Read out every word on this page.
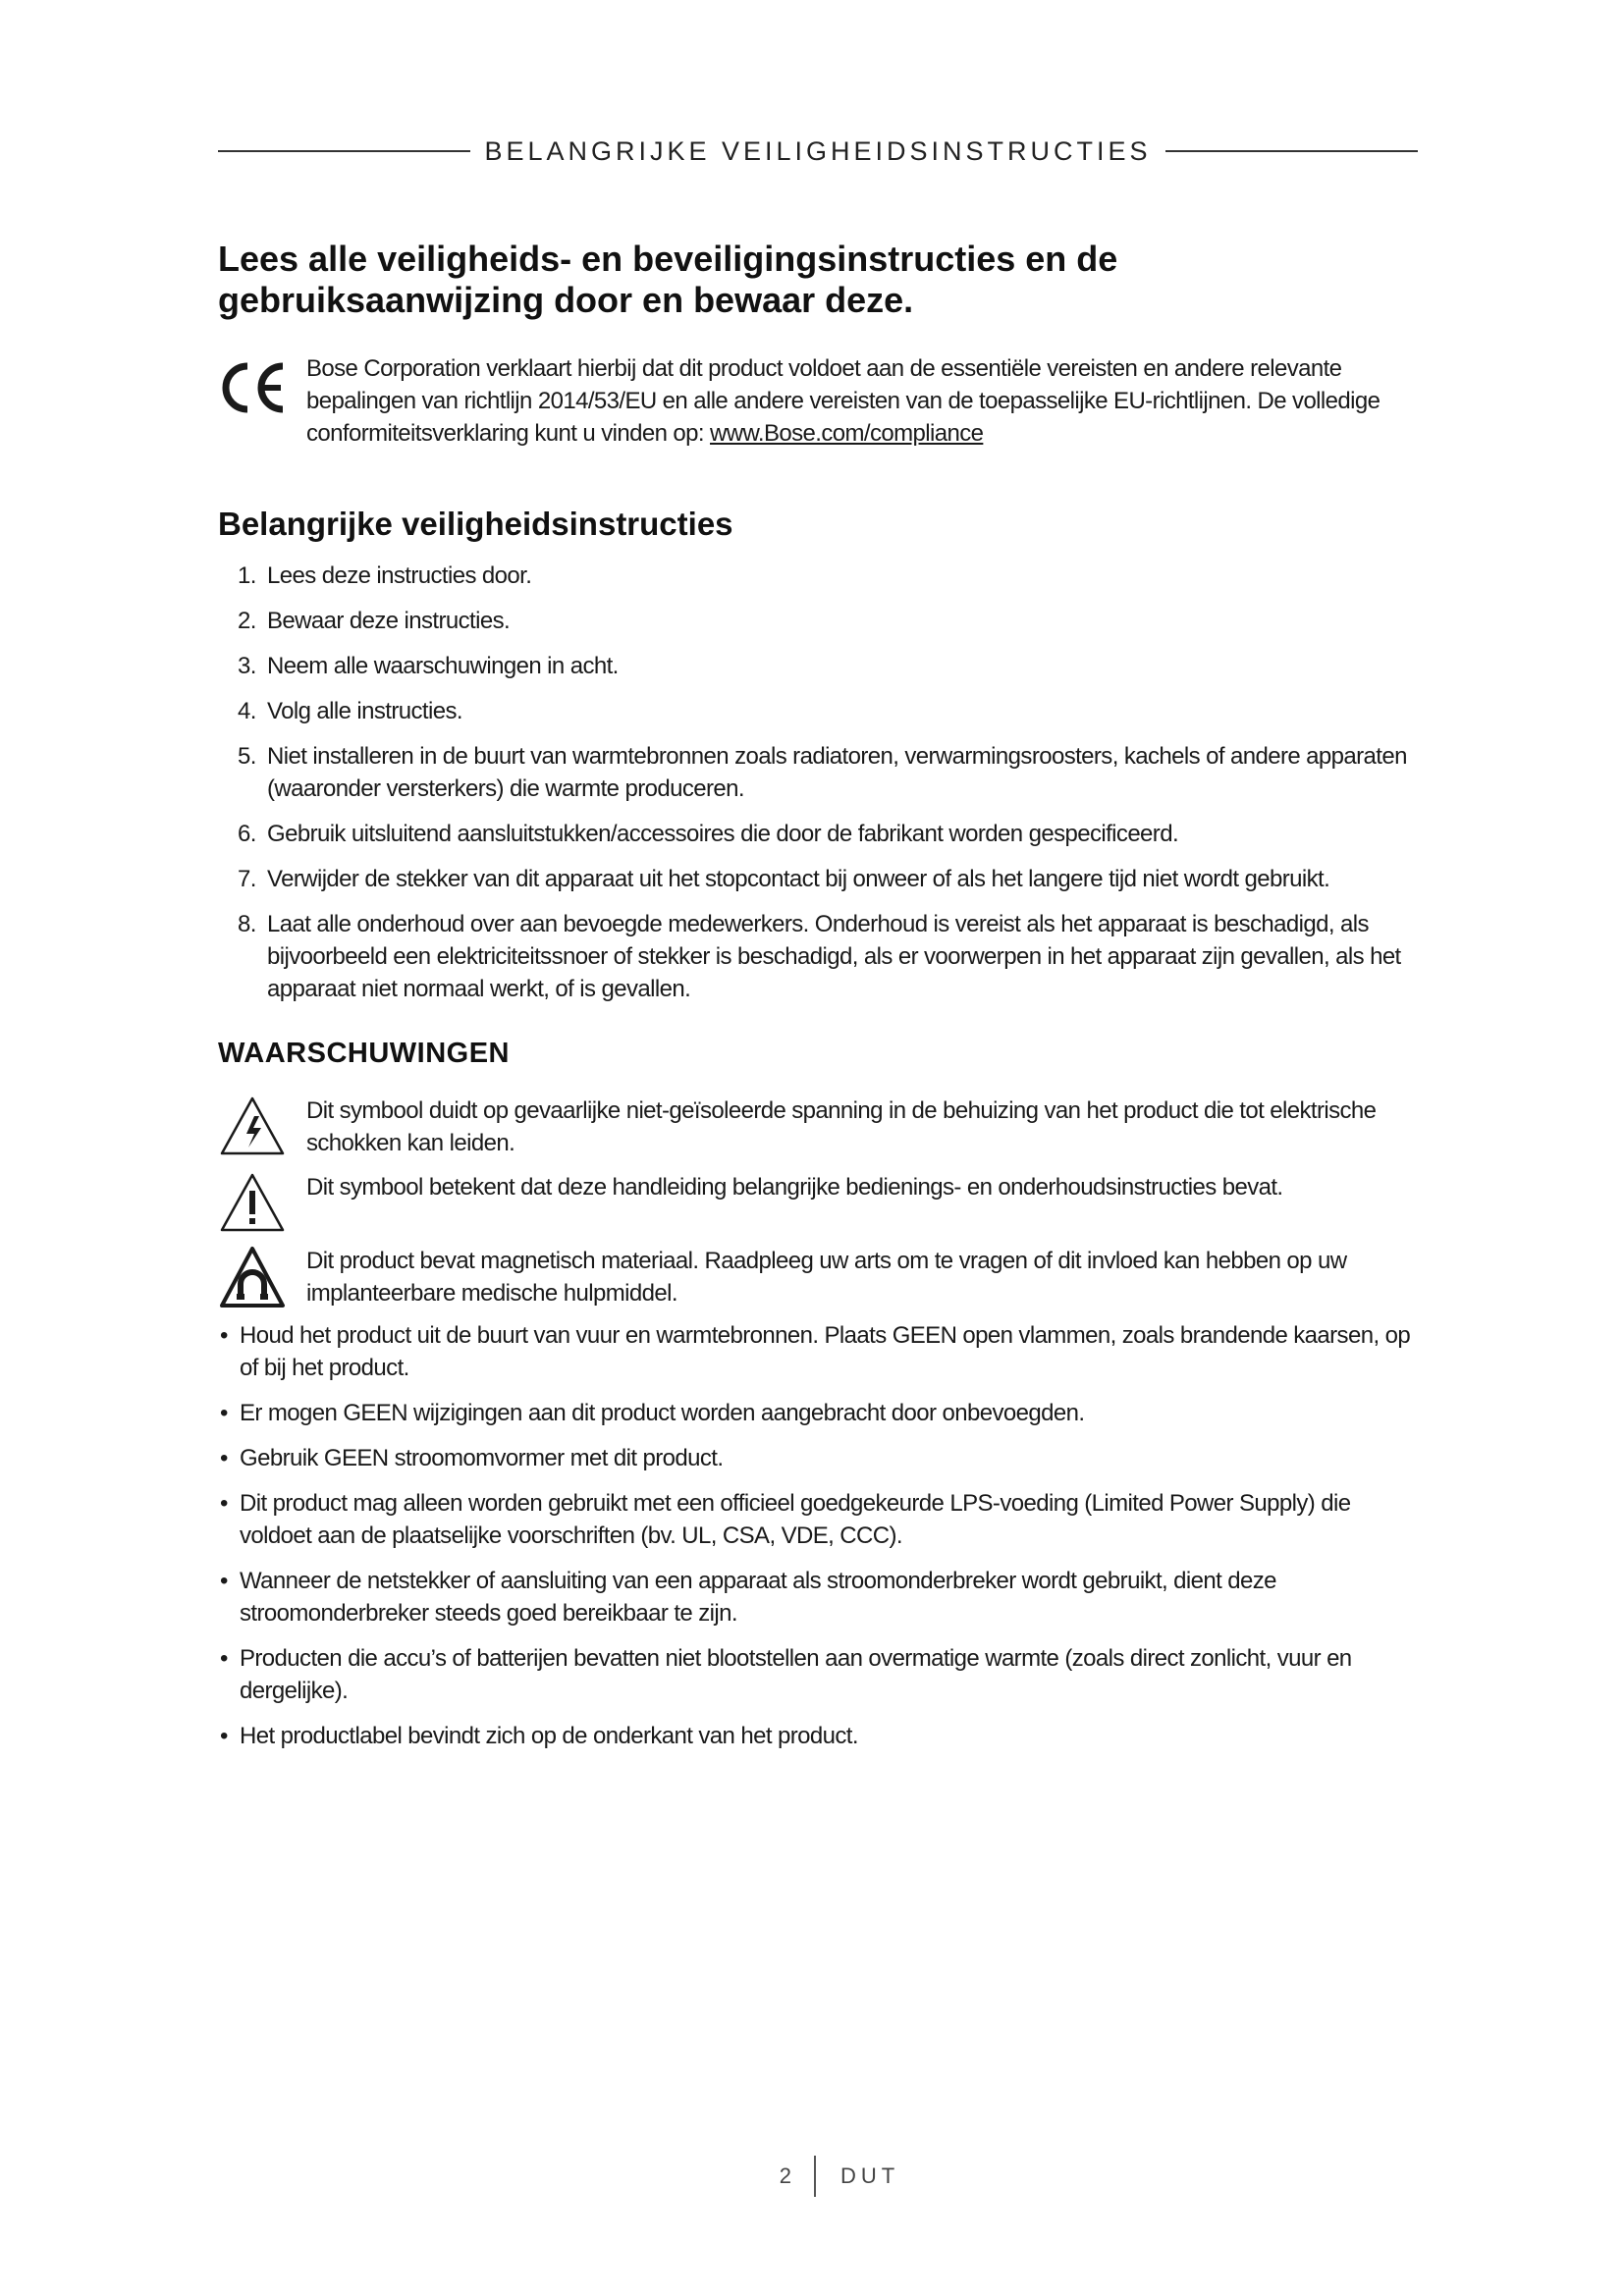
BELANGRIJKE VEILIGHEIDSINSTRUCTIES
Lees alle veiligheids- en beveiligingsinstructies en de gebruiksaanwijzing door en bewaar deze.
Bose Corporation verklaart hierbij dat dit product voldoet aan de essentiële vereisten en andere relevante bepalingen van richtlijn 2014/53/EU en alle andere vereisten van de toepasselijke EU-richtlijnen. De volledige conformiteitsverklaring kunt u vinden op: www.Bose.com/compliance
Belangrijke veiligheidsinstructies
1. Lees deze instructies door.
2. Bewaar deze instructies.
3. Neem alle waarschuwingen in acht.
4. Volg alle instructies.
5. Niet installeren in de buurt van warmtebronnen zoals radiatoren, verwarmingsroosters, kachels of andere apparaten (waaronder versterkers) die warmte produceren.
6. Gebruik uitsluitend aansluitstukken/accessoires die door de fabrikant worden gespecificeerd.
7. Verwijder de stekker van dit apparaat uit het stopcontact bij onweer of als het langere tijd niet wordt gebruikt.
8. Laat alle onderhoud over aan bevoegde medewerkers. Onderhoud is vereist als het apparaat is beschadigd, als bijvoorbeeld een elektriciteitssnoer of stekker is beschadigd, als er voorwerpen in het apparaat zijn gevallen, als het apparaat niet normaal werkt, of is gevallen.
WAARSCHUWINGEN
Dit symbool duidt op gevaarlijke niet-geïsoleerde spanning in de behuizing van het product die tot elektrische schokken kan leiden.
Dit symbool betekent dat deze handleiding belangrijke bedienings- en onderhoudsinstructies bevat.
Dit product bevat magnetisch materiaal. Raadpleeg uw arts om te vragen of dit invloed kan hebben op uw implanteerbare medische hulpmiddel.
• Houd het product uit de buurt van vuur en warmtebronnen. Plaats GEEN open vlammen, zoals brandende kaarsen, op of bij het product.
• Er mogen GEEN wijzigingen aan dit product worden aangebracht door onbevoegden.
• Gebruik GEEN stroomomvormer met dit product.
• Dit product mag alleen worden gebruikt met een officieel goedgekeurde LPS-voeding (Limited Power Supply) die voldoet aan de plaatselijke voorschriften (bv. UL, CSA, VDE, CCC).
• Wanneer de netstekker of aansluiting van een apparaat als stroomonderbreker wordt gebruikt, dient deze stroomonderbreker steeds goed bereikbaar te zijn.
• Producten die accu’s of batterijen bevatten niet blootstellen aan overmatige warmte (zoals direct zonlicht, vuur en dergelijke).
• Het productlabel bevindt zich op de onderkant van het product.
2 DUT
